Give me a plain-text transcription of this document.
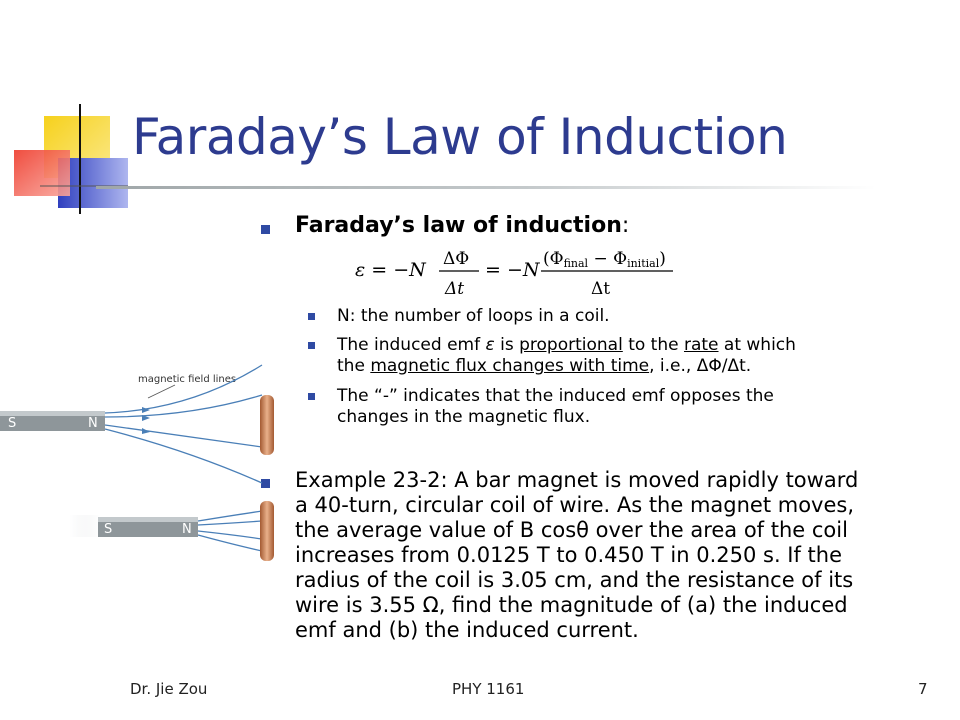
Faraday’s Law of Induction
Faraday’s law of induction:
ε = −N ΔΦ
Δt
= −N (Φfinal − Φinitial)
Δt
N: the number of loops in a coil.
The induced emf ε is proportional to the rate at which
the magnetic flux changes with time, i.e., ΔΦ/Δt.
The “-” indicates that the induced emf opposes the
changes in the magnetic flux.
Example 23-2: A bar magnet is moved rapidly toward
a 40-turn, circular coil of wire. As the magnet moves,
the average value of B cosθ over the area of the coil
increases from 0.0125 T to 0.450 T in 0.250 s. If the
radius of the coil is 3.05 cm, and the resistance of its
wire is 3.55 Ω, find the magnitude of (a) the induced
emf and (b) the induced current.
magnetic field lines
S	N
S	N
Dr. Jie Zou	PHY 1161	7
